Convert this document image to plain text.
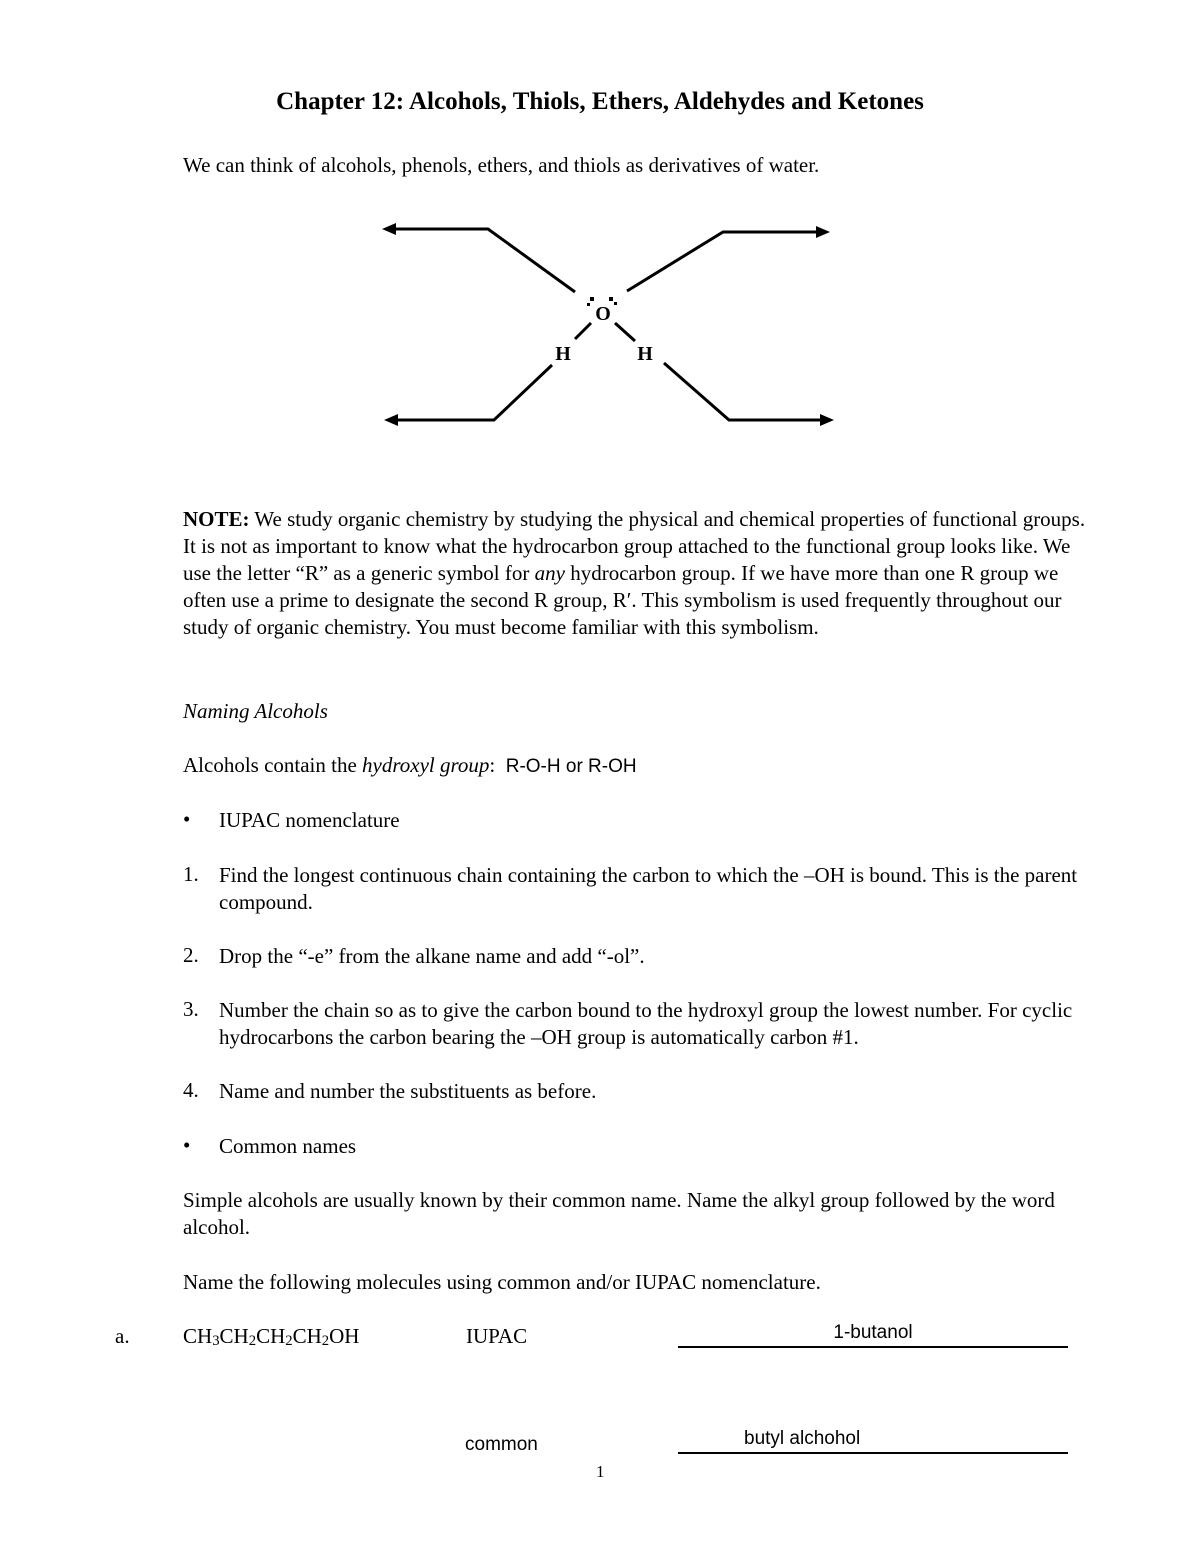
Chapter 12: Alcohols, Thiols, Ethers, Aldehydes and Ketones
We can think of alcohols, phenols, ethers, and thiols as derivatives of water.
O
H	H
NOTE: We study organic chemistry by studying the physical and chemical properties of functional groups. It is not as important to know what the hydrocarbon group attached to the functional group looks like. We use the letter “R” as a generic symbol for any hydrocarbon group. If we have more than one R group we often use a prime to designate the second R group, R′. This symbolism is used frequently throughout our study of organic chemistry. You must become familiar with this symbolism.
Naming Alcohols
Alcohols contain the hydroxyl group: R-O-H or R-OH
•	IUPAC nomenclature
1. Find the longest continuous chain containing the carbon to which the –OH is bound. This is the parent compound.
2. Drop the “-e” from the alkane name and add “-ol”.
3. Number the chain so as to give the carbon bound to the hydroxyl group the lowest number. For cyclic hydrocarbons the carbon bearing the –OH group is automatically carbon #1.
4. Name and number the substituents as before.
•	Common names
Simple alcohols are usually known by their common name. Name the alkyl group followed by the word alcohol.
Name the following molecules using common and/or IUPAC nomenclature.
a.	$CH_3CH_2CH_2CH_2OH$	IUPAC	1-butanol
common	butyl alchohol
1
